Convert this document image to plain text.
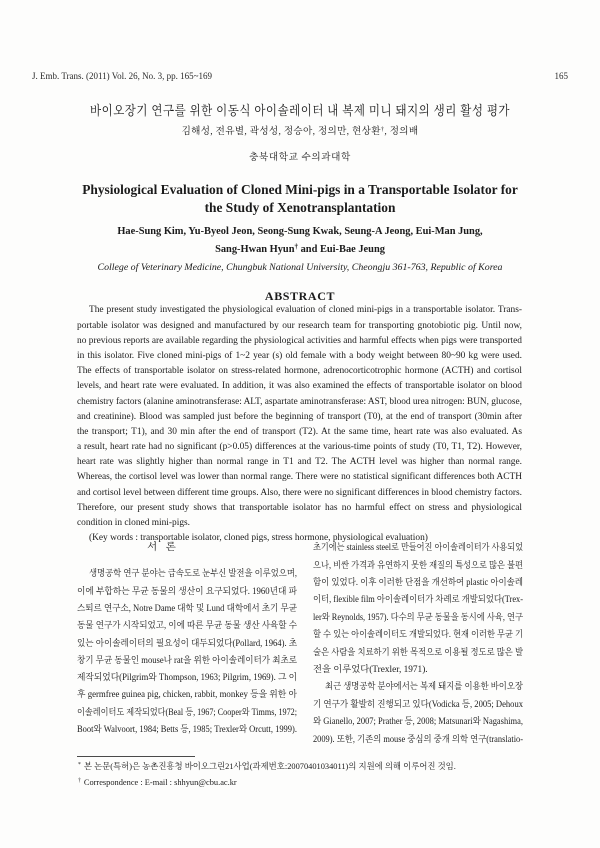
J. Emb. Trans. (2011) Vol. 26, No. 3, pp. 165~169	165
바이오장기 연구를 위한 이동식 아이솔레이터 내 복제 미니 돼지의 생리 활성 평가
김해성, 전유별, 곽성성, 정승아, 정의만, 현상환†, 정의배
충북대학교 수의과대학
Physiological Evaluation of Cloned Mini-pigs in a Transportable Isolator for
the Study of Xenotransplantation
Hae-Sung Kim, Yu-Byeol Jeon, Seong-Sung Kwak, Seung-A Jeong, Eui-Man Jung,
Sang-Hwan Hyun† and Eui-Bae Jeung
College of Veterinary Medicine, Chungbuk National University, Cheongju 361-763, Republic of Korea
ABSTRACT
The present study investigated the physiological evaluation of cloned mini-pigs in a transportable isolator. Trans-
portable isolator was designed and manufactured by our research team for transporting gnotobiotic pig. Until now,
no previous reports are available regarding the physiological activities and harmful effects when pigs were transported
in this isolator. Five cloned mini-pigs of 1~2 year (s) old female with a body weight between 80~90 kg were used.
The effects of transportable isolator on stress-related hormone, adrenocorticotrophic hormone (ACTH) and cortisol
levels, and heart rate were evaluated. In addition, it was also examined the effects of transportable isolator on blood
chemistry factors (alanine aminotransferase: ALT, aspartate aminotransferase: AST, blood urea nitrogen: BUN, glucose,
and creatinine). Blood was sampled just before the beginning of transport (T0), at the end of transport (30min after
the transport; T1), and 30 min after the end of transport (T2). At the same time, heart rate was also evaluated. As
a result, heart rate had no significant (p>0.05) differences at the various-time points of study (T0, T1, T2). However,
heart rate was slightly higher than normal range in T1 and T2. The ACTH level was higher than normal range.
Whereas, the cortisol level was lower than normal range. There were no statistical significant differences both ACTH
and cortisol level between different time groups. Also, there were no significant differences in blood chemistry factors.
Therefore, our present study shows that transportable isolator has no harmful effect on stress and physiological
condition in cloned mini-pigs.
(Key words : transportable isolator, cloned pigs, stress hormone, physiological evaluation)
서 론
생명공학 연구 분야는 급속도로 눈부신 발전을 이루었으며,
이에 부합하는 무균 동물의 생산이 요구되었다. 1960년대 파
스퇴르 연구소, Notre Dame 대학 및 Lund 대학에서 초기 무균
동물 연구가 시작되었고, 이에 따른 무균 동물 생산 사육할 수
있는 아이솔레이터의 필요성이 대두되었다(Pollard, 1964). 초
창기 무균 동물인 mouse나 rat을 위한 아이솔레이터가 최초로
제작되었다(Pilgrim와 Thompson, 1963; Pilgrim, 1969). 그 이
후 germfree guinea pig, chicken, rabbit, monkey 등을 위한 아
이솔레이터도 제작되었다(Beal 등, 1967; Cooper와 Timms, 1972;
Boot와 Walvoort, 1984; Betts 등, 1985; Trexler와 Orcutt, 1999).
초기에는 stainless steel로 만들어진 아이솔레이터가 사용되었
으나, 비싼 가격과 유연하지 못한 재질의 특성으로 많은 불편
함이 있었다. 이후 이러한 단점을 개선하여 plastic 아이솔레
이터, flexible film 아이솔레이터가 차례로 개발되었다(Trex-
ler와 Reynolds, 1957). 다수의 무균 동물을 동시에 사육, 연구
할 수 있는 아이솔레이터도 개발되었다. 현재 이러한 무균 기
술은 사람을 치료하기 위한 목적으로 이용될 정도로 많은 발
전을 이루었다(Trexler, 1971).
최근 생명공학 분야에서는 복제 돼지를 이용한 바이오장
기 연구가 활발히 진행되고 있다(Vodicka 등, 2005; Dehoux
와 Gianello, 2007; Prather 등, 2008; Matsunari와 Nagashima,
2009). 또한, 기존의 mouse 중심의 중개 의학 연구(translatio-
* 본 논문(특허)은 농촌진흥청 바이오그린21사업(과제번호:20070401034011)의 지원에 의해 이루어진 것임.
† Correspondence : E-mail : shhyun@cbu.ac.kr
